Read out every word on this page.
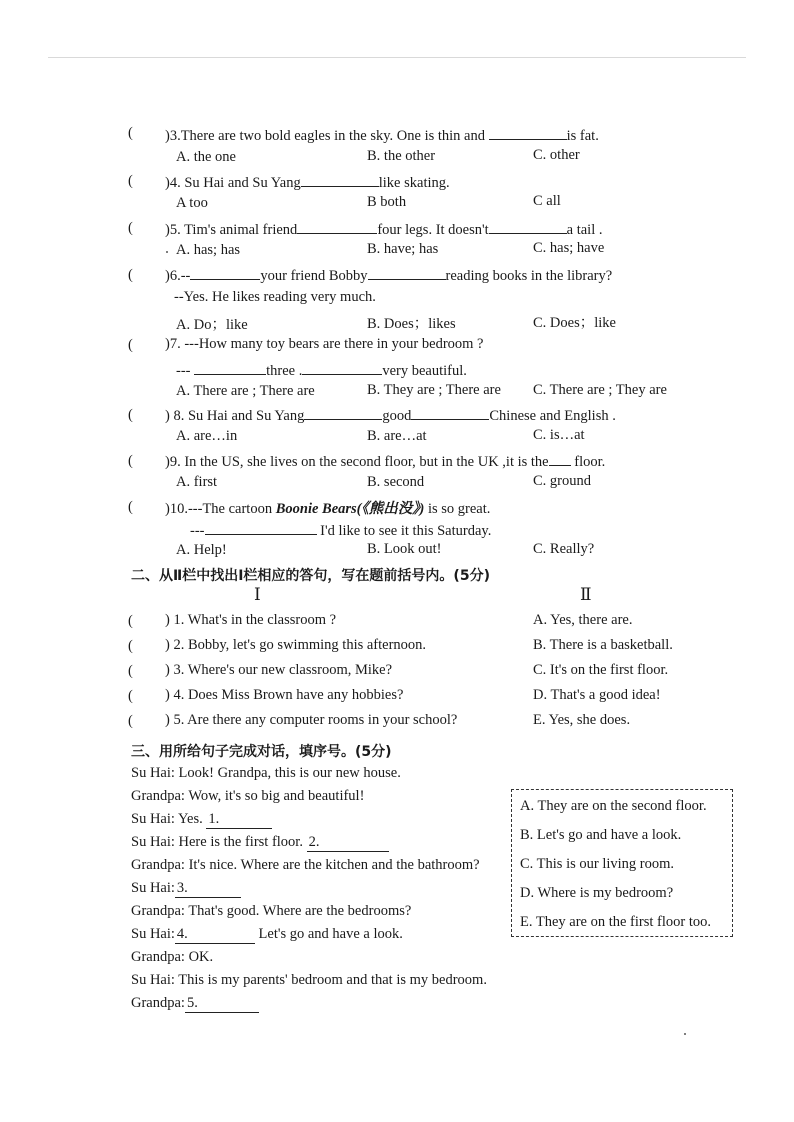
( )3.There are two bold eagles in the sky. One is thin and	is fat.
A. the one	B. the other	C. other
( )4. Su Hai and Su Yang	like skating.
A too	B both	C all
( )5. Tim's animal friend	four legs. It doesn't	a tail .
A. has; has	B. have; has	C. has; have
( )6.--	your friend Bobby	reading books in the library?
--Yes. He likes reading very much.
A. Do；like	B. Does；likes	C. Does；like
( )7. ---How many toy bears are there in your bedroom ?
---	three .	very beautiful.
A. There are ; There are	B. They are ; There are C. There are ; They are
( ) 8. Su Hai and Su Yang	good	Chinese and English .
A. are…in	B. are…at	C. is…at
( )9. In the US, she lives on the second floor, but in the UK ,it is the floor.
A. first	B. second	C. ground
( )10.---The cartoon Boonie Bears(《熊出没》) is so great.
---	I'd like to see it this Saturday.
A. Help!	B. Look out!	C. Really?
二、从Ⅱ栏中找出Ⅰ栏相应的答句，写在题前括号内。(5分)
Ⅰ	Ⅱ
( ) 1. What's in the classroom ?	A. Yes, there are.
( ) 2. Bobby, let's go swimming this afternoon.	B. There is a basketball.
( ) 3. Where's our new classroom, Mike?	C. It's on the first floor.
( ) 4. Does Miss Brown have any hobbies?	D. That's a good idea!
( ) 5. Are there any computer rooms in your school?	E. Yes, she does.
三、用所给句子完成对话，填序号。(5分)
Su Hai: Look! Grandpa, this is our new house.
Grandpa: Wow, it's so big and beautiful!
Su Hai: Yes. 1.
Su Hai: Here is the first floor. 2.
Grandpa: It's nice. Where are the kitchen and the bathroom?
Su Hai: 3.
Grandpa: That's good. Where are the bedrooms?
Su Hai: 4.	Let's go and have a look.
Grandpa: OK.
Su Hai: This is my parents' bedroom and that is my bedroom.
Grandpa: 5.
A. They are on the second floor.
B. Let's go and have a look.
C. This is our living room.
D. Where is my bedroom?
E. They are on the first floor too.
